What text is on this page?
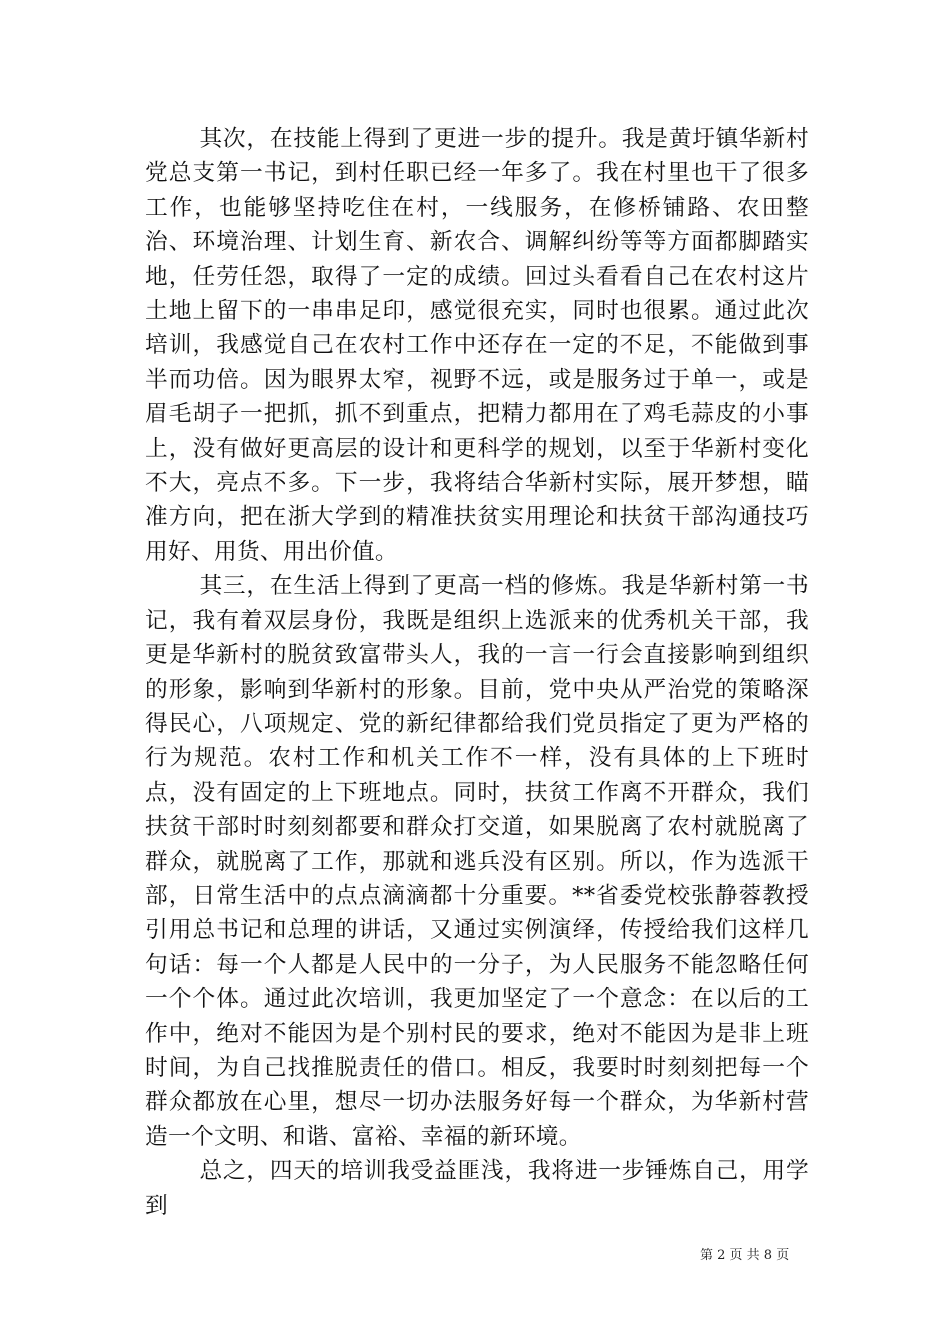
其次，在技能上得到了更进一步的提升。我是黄圩镇华新村党总支第一书记，到村任职已经一年多了。我在村里也干了很多工作，也能够坚持吃住在村，一线服务，在修桥铺路、农田整治、环境治理、计划生育、新农合、调解纠纷等等方面都脚踏实地，任劳任怨，取得了一定的成绩。回过头看看自己在农村这片土地上留下的一串串足印，感觉很充实，同时也很累。通过此次培训，我感觉自己在农村工作中还存在一定的不足，不能做到事半而功倍。因为眼界太窄，视野不远，或是服务过于单一，或是眉毛胡子一把抓，抓不到重点，把精力都用在了鸡毛蒜皮的小事上，没有做好更高层的设计和更科学的规划，以至于华新村变化不大，亮点不多。下一步，我将结合华新村实际，展开梦想，瞄准方向，把在浙大学到的精准扶贫实用理论和扶贫干部沟通技巧用好、用货、用出价值。

其三，在生活上得到了更高一档的修炼。我是华新村第一书记，我有着双层身份，我既是组织上选派来的优秀机关干部，我更是华新村的脱贫致富带头人，我的一言一行会直接影响到组织的形象，影响到华新村的形象。目前，党中央从严治党的策略深得民心，八项规定、党的新纪律都给我们党员指定了更为严格的行为规范。农村工作和机关工作不一样，没有具体的上下班时点，没有固定的上下班地点。同时，扶贫工作离不开群众，我们扶贫干部时时刻刻都要和群众打交道，如果脱离了农村就脱离了群众，就脱离了工作，那就和逃兵没有区别。所以，作为选派干部，日常生活中的点点滴滴都十分重要。**省委党校张静蓉教授引用总书记和总理的讲话，又通过实例演绎，传授给我们这样几句话：每一个人都是人民中的一分子，为人民服务不能忽略任何一个个体。通过此次培训，我更加坚定了一个意念：在以后的工作中，绝对不能因为是个别村民的要求，绝对不能因为是非上班时间，为自己找推脱责任的借口。相反，我要时时刻刻把每一个群众都放在心里，想尽一切办法服务好每一个群众，为华新村营造一个文明、和谐、富裕、幸福的新环境。

总之，四天的培训我受益匪浅，我将进一步锤炼自己，用学到

第 2 页 共 8 页
